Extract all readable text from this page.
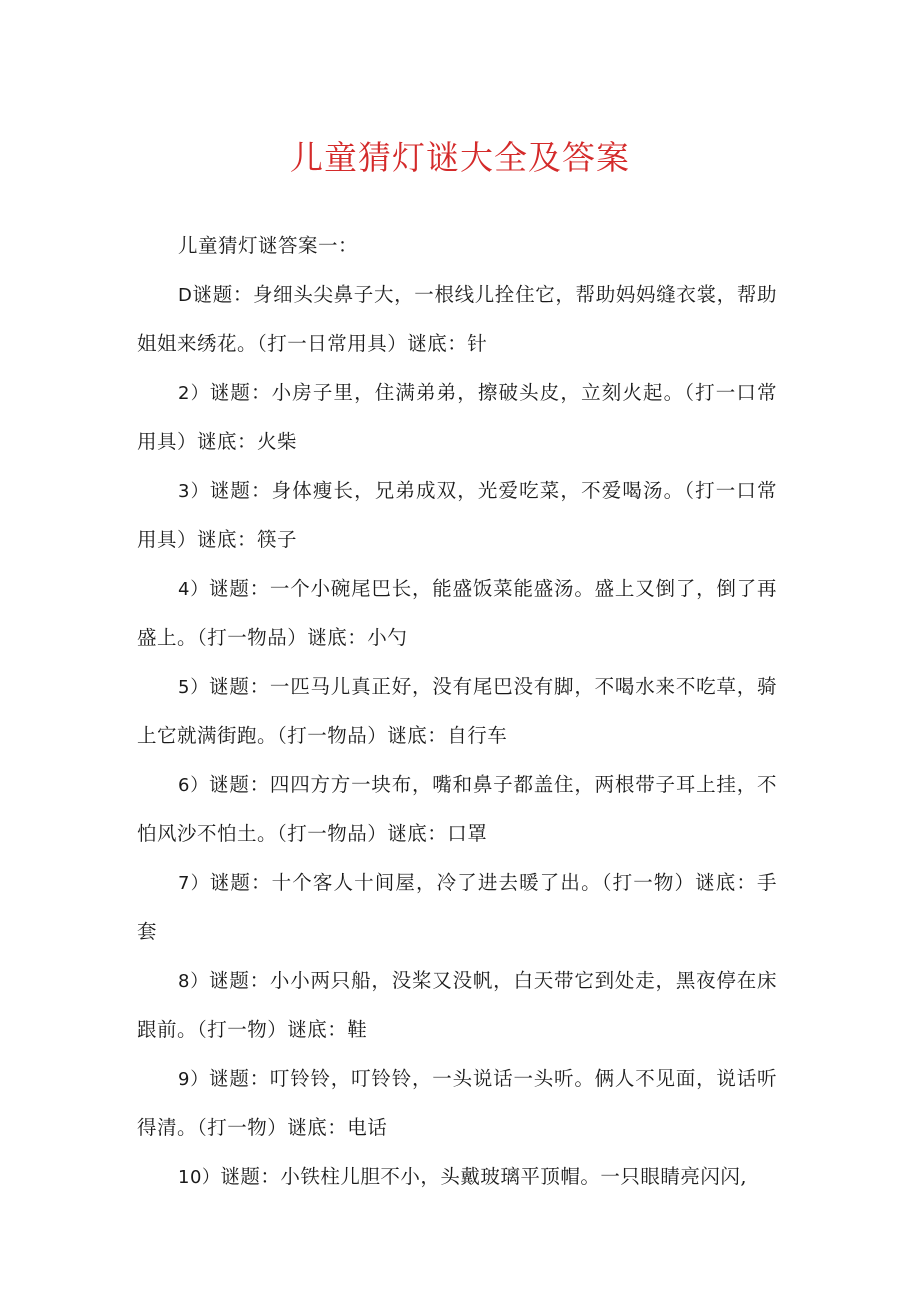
儿童猜灯谜大全及答案

儿童猜灯谜答案一：

D谜题：身细头尖鼻子大，一根线儿拴住它，帮助妈妈缝衣裳，帮助姐姐来绣花。（打一日常用具）谜底：针

2）谜题：小房子里，住满弟弟，擦破头皮，立刻火起。（打一口常用具）谜底：火柴

3）谜题：身体瘦长，兄弟成双，光爱吃菜，不爱喝汤。（打一口常用具）谜底：筷子

4）谜题：一个小碗尾巴长，能盛饭菜能盛汤。盛上又倒了，倒了再盛上。（打一物品）谜底：小勺

5）谜题：一匹马儿真正好，没有尾巴没有脚，不喝水来不吃草，骑上它就满街跑。（打一物品）谜底：自行车

6）谜题：四四方方一块布，嘴和鼻子都盖住，两根带子耳上挂，不怕风沙不怕土。（打一物品）谜底：口罩

7）谜题：十个客人十间屋，冷了进去暖了出。（打一物）谜底：手套

8）谜题：小小两只船，没桨又没帆，白天带它到处走，黑夜停在床跟前。（打一物）谜底：鞋

9）谜题：叮铃铃，叮铃铃，一头说话一头听。俩人不见面，说话听得清。（打一物）谜底：电话

10）谜题：小铁柱儿胆不小，头戴玻璃平顶帽。一只眼睛亮闪闪,
